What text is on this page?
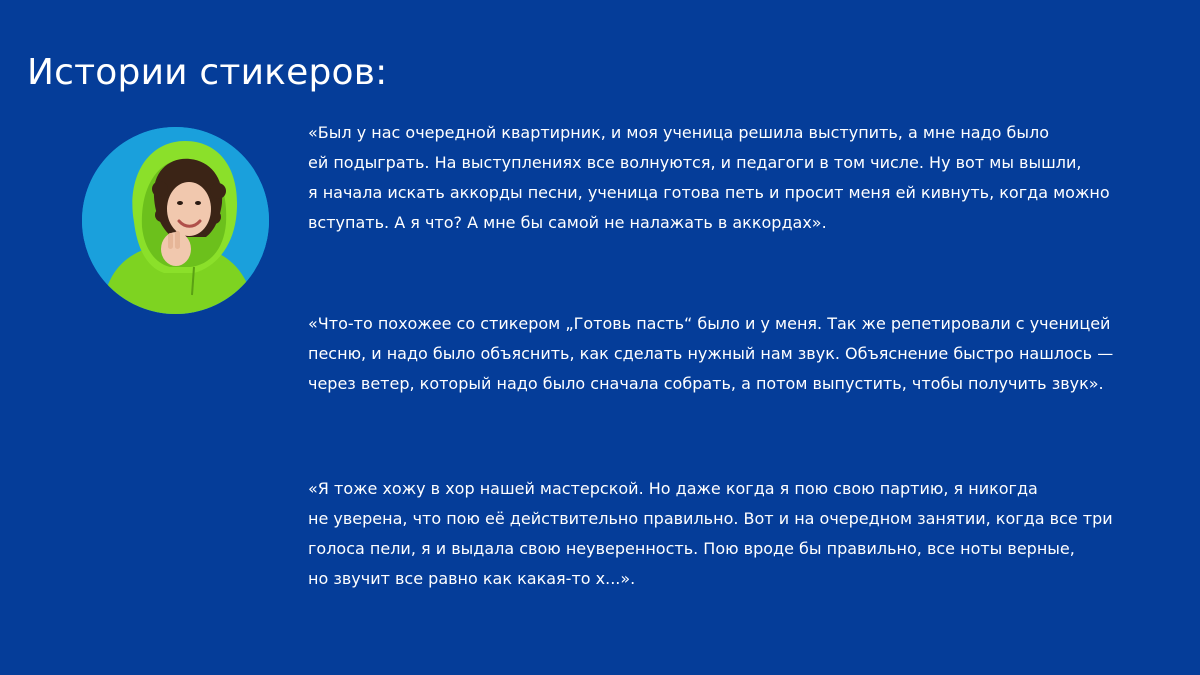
Истории стикеров:

«Был у нас очередной квартирник, и моя ученица решила выступить, а мне надо было
ей подыграть. На выступлениях все волнуются, и педагоги в том числе. Ну вот мы вышли,
я начала искать аккорды песни, ученица готова петь и просит меня ей кивнуть, когда можно
вступать. А я что? А мне бы самой не налажать в аккордах».

«Что-то похожее со стикером „Готовь пасть“ было и у меня. Так же репетировали с ученицей
песню, и надо было объяснить, как сделать нужный нам звук. Объяснение быстро нашлось —
через ветер, который надо было сначала собрать, а потом выпустить, чтобы получить звук».

«Я тоже хожу в хор нашей мастерской. Но даже когда я пою свою партию, я никогда
не уверена, что пою её действительно правильно. Вот и на очередном занятии, когда все три
голоса пели, я и выдала свою неуверенность. Пою вроде бы правильно, все ноты верные,
но звучит все равно как какая-то х...».
